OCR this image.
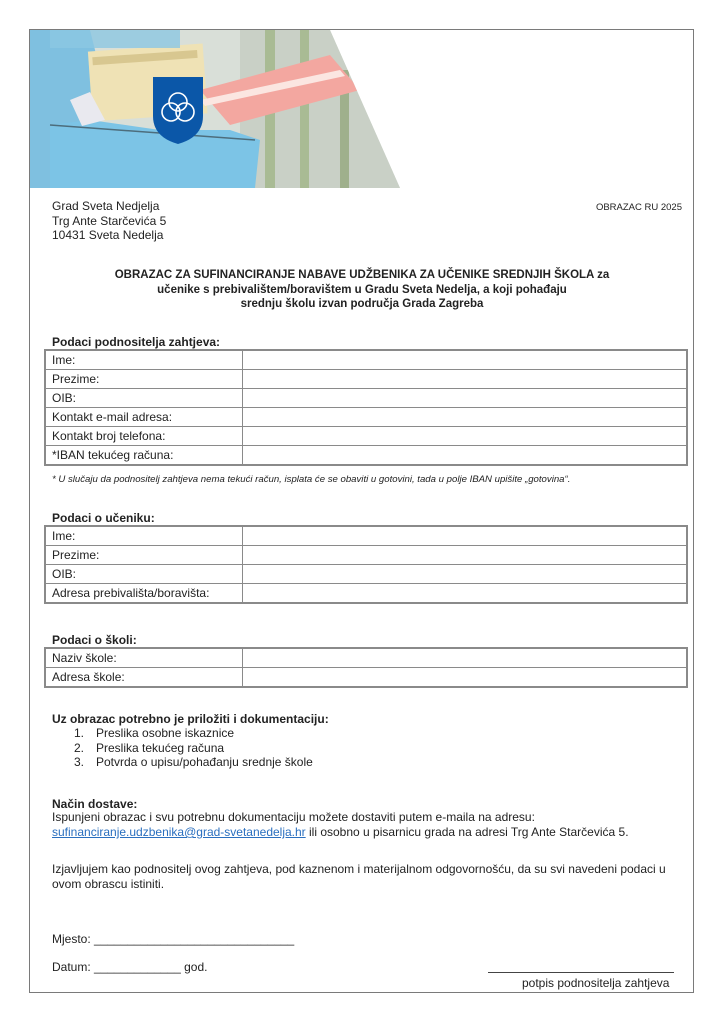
Grad Sveta Nedjelja
Trg Ante Starčevića 5
10431 Sveta Nedelja
OBRAZAC RU 2025
OBRAZAC ZA SUFINANCIRANJE NABAVE UDŽBENIKA ZA UČENIKE SREDNJIH ŠKOLA za
učenike s prebivalištem/boravištem u Gradu Sveta Nedelja, a koji pohađaju
srednju školu izvan područja Grada Zagreba
Podaci podnositelja zahtjeva:
Ime:	
Prezime:	
OIB:	
Kontakt e-mail adresa:	
Kontakt broj telefona:	
*IBAN tekućeg računa:	
* U slučaju da podnositelj zahtjeva nema tekući račun, isplata će se obaviti u gotovini, tada u polje IBAN upišite „gotovina“.
Podaci o učeniku:
Ime:	
Prezime:	
OIB:	
Adresa prebivališta/boravišta:	
Podaci o školi:
Naziv škole:	
Adresa škole:	
Uz obrazac potrebno je priložiti i dokumentaciju:
1. Preslika osobne iskaznice
2. Preslika tekućeg računa
3. Potvrda o upisu/pohađanju srednje škole
Način dostave:
Ispunjeni obrazac i svu potrebnu dokumentaciju možete dostaviti putem e-maila na adresu:
sufinanciranje.udzbenika@grad-svetanedelja.hr ili osobno u pisarnicu grada na adresi Trg Ante Starčevića 5.
Izjavljujem kao podnositelj ovog zahtjeva, pod kaznenom i materijalnom odgovornošću, da su svi navedeni podaci u
ovom obrascu istiniti.
Mjesto: ______________________________
Datum: _____________ god.
potpis podnositelja zahtjeva
